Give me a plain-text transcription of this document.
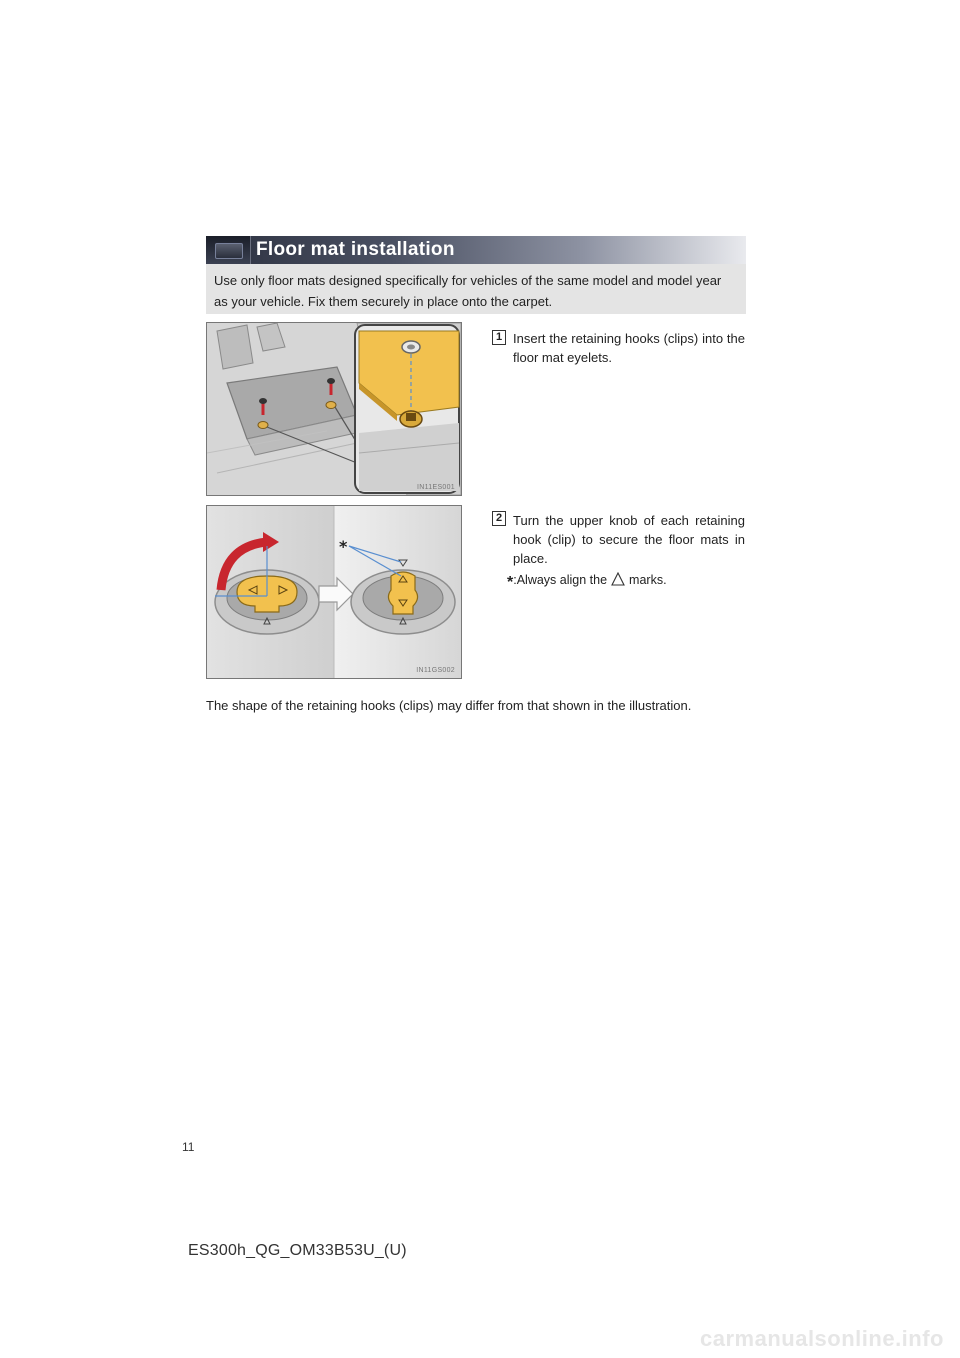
Floor mat installation
Use only floor mats designed specifically for vehicles of the same model and model year as your vehicle. Fix them securely in place onto the carpet.
IN11ES001
1 Insert the retaining hooks (clips) into the floor mat eyelets.
*
IN11GS002
2 Turn the upper knob of each retaining hook (clip) to secure the floor mats in place.
*:Always align the marks.
The shape of the retaining hooks (clips) may differ from that shown in the illustration.
11
ES300h_QG_OM33B53U_(U)
carmanualsonline.info
